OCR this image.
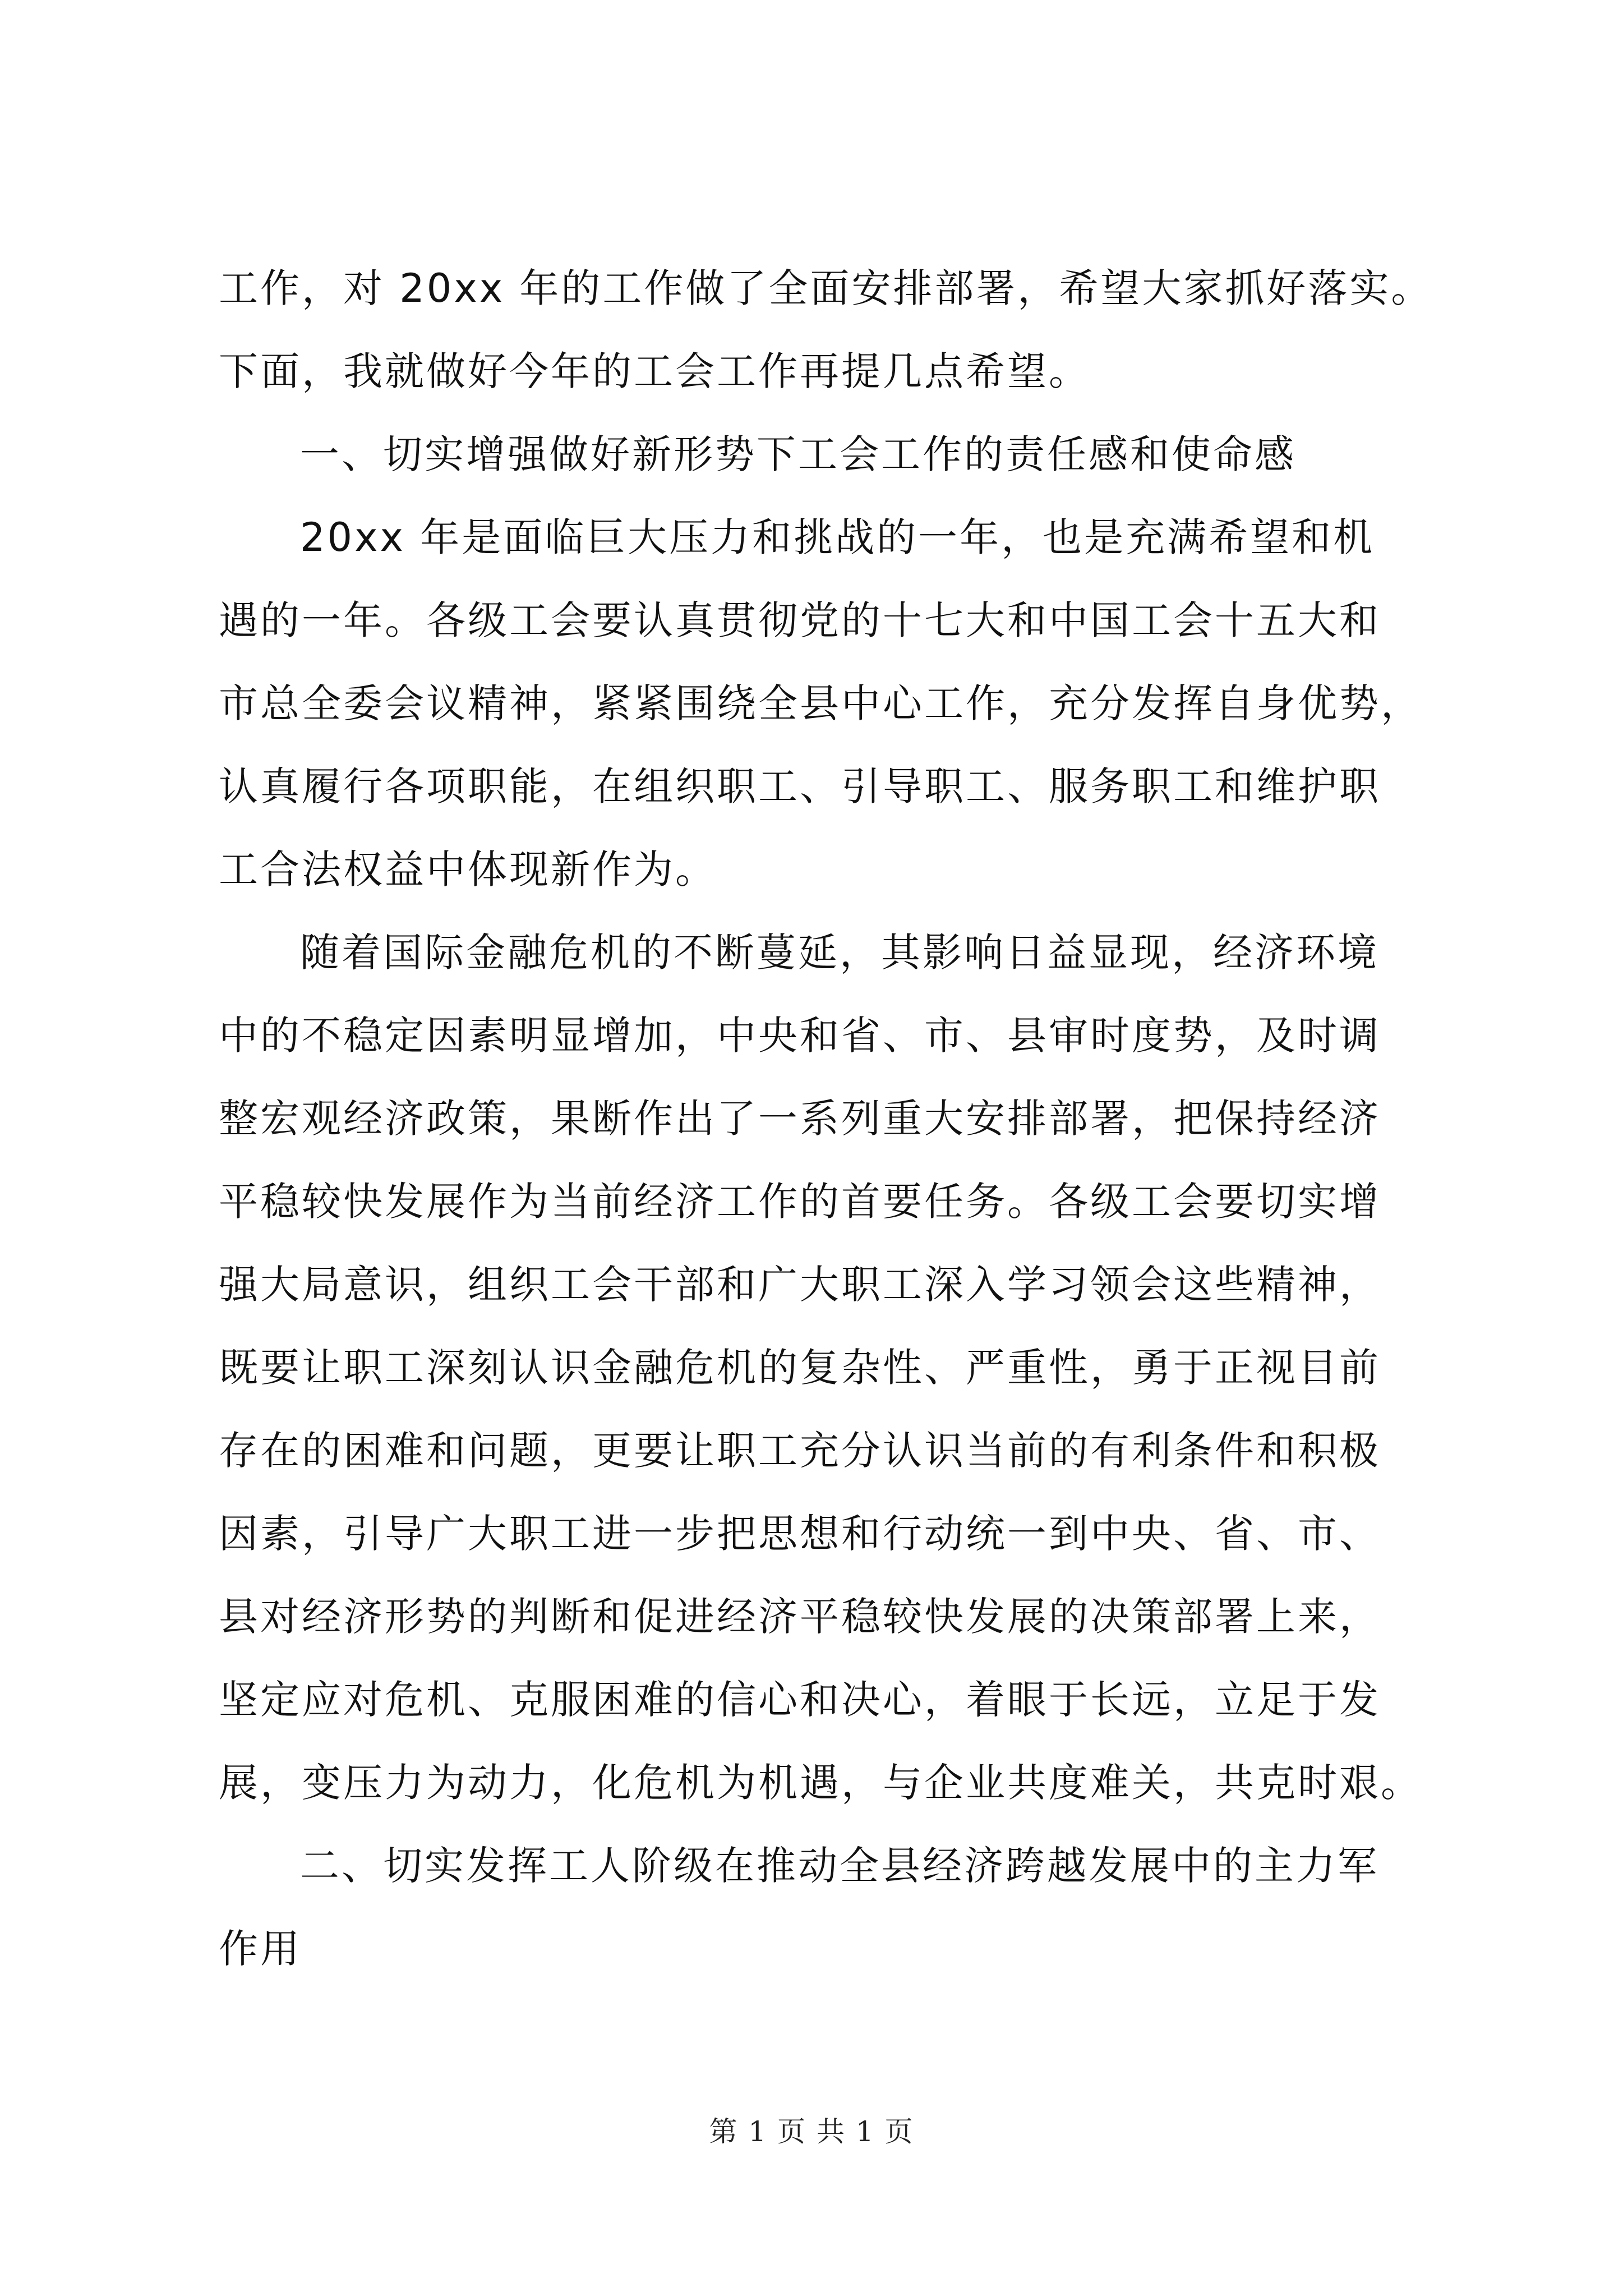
工作，对 20xx 年的工作做了全面安排部署，希望大家抓好落实。
下面，我就做好今年的工会工作再提几点希望。
一、切实增强做好新形势下工会工作的责任感和使命感
20xx 年是面临巨大压力和挑战的一年，也是充满希望和机
遇的一年。各级工会要认真贯彻党的十七大和中国工会十五大和
市总全委会议精神，紧紧围绕全县中心工作，充分发挥自身优势，
认真履行各项职能，在组织职工、引导职工、服务职工和维护职
工合法权益中体现新作为。
随着国际金融危机的不断蔓延，其影响日益显现，经济环境
中的不稳定因素明显增加，中央和省、市、县审时度势，及时调
整宏观经济政策，果断作出了一系列重大安排部署，把保持经济
平稳较快发展作为当前经济工作的首要任务。各级工会要切实增
强大局意识，组织工会干部和广大职工深入学习领会这些精神，
既要让职工深刻认识金融危机的复杂性、严重性，勇于正视目前
存在的困难和问题，更要让职工充分认识当前的有利条件和积极
因素，引导广大职工进一步把思想和行动统一到中央、省、市、
县对经济形势的判断和促进经济平稳较快发展的决策部署上来，
坚定应对危机、克服困难的信心和决心，着眼于长远，立足于发
展，变压力为动力，化危机为机遇，与企业共度难关，共克时艰。
二、切实发挥工人阶级在推动全县经济跨越发展中的主力军
作用
第 1 页 共 1 页
